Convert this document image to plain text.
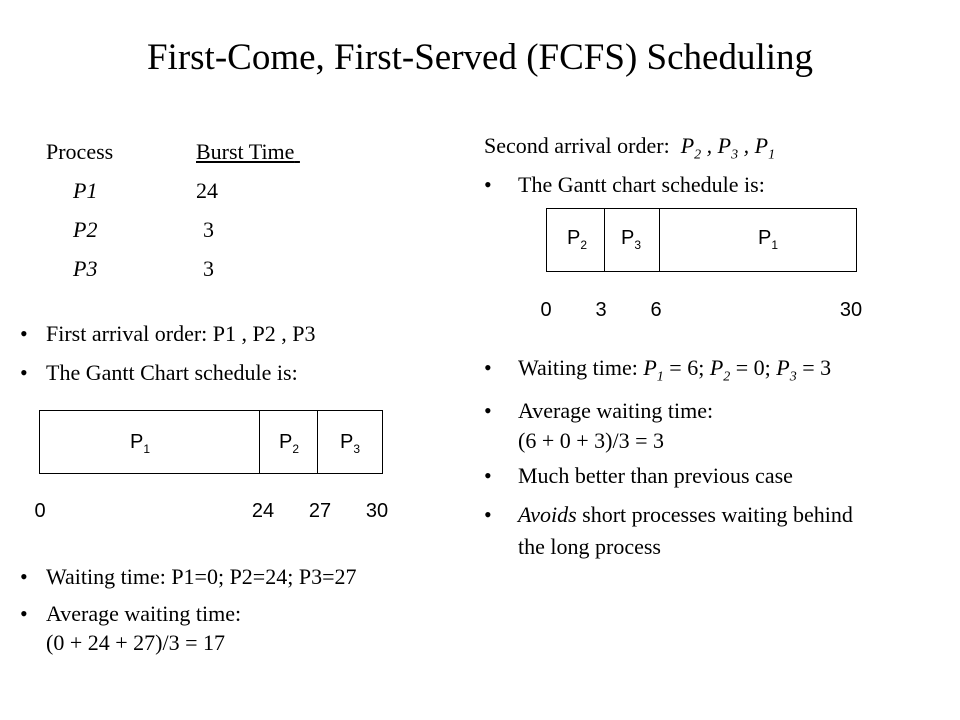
First-Come, First-Served (FCFS) Scheduling
Process	Burst Time
P1	24
P2	3
P3	3
• First arrival order: P1 , P2 , P3
• The Gantt Chart schedule is:
$P_1$	$P_2$	$P_3$
0	24	27	30
• Waiting time: P1=0; P2=24; P3=27
• Average waiting time:
(0 + 24 + 27)/3 = 17
Second arrival order: $P_2$ , $P_3$ , $P_1$
• The Gantt chart schedule is:
$P_2$	$P_3$	$P_1$
0	3	6	30
• Waiting time: $P_1 = 6$; $P_2 = 0$; $P_3 = 3$
• Average waiting time:
(6 + 0 + 3)/3 = 3
• Much better than previous case
• Avoids short processes waiting behind
the long process
